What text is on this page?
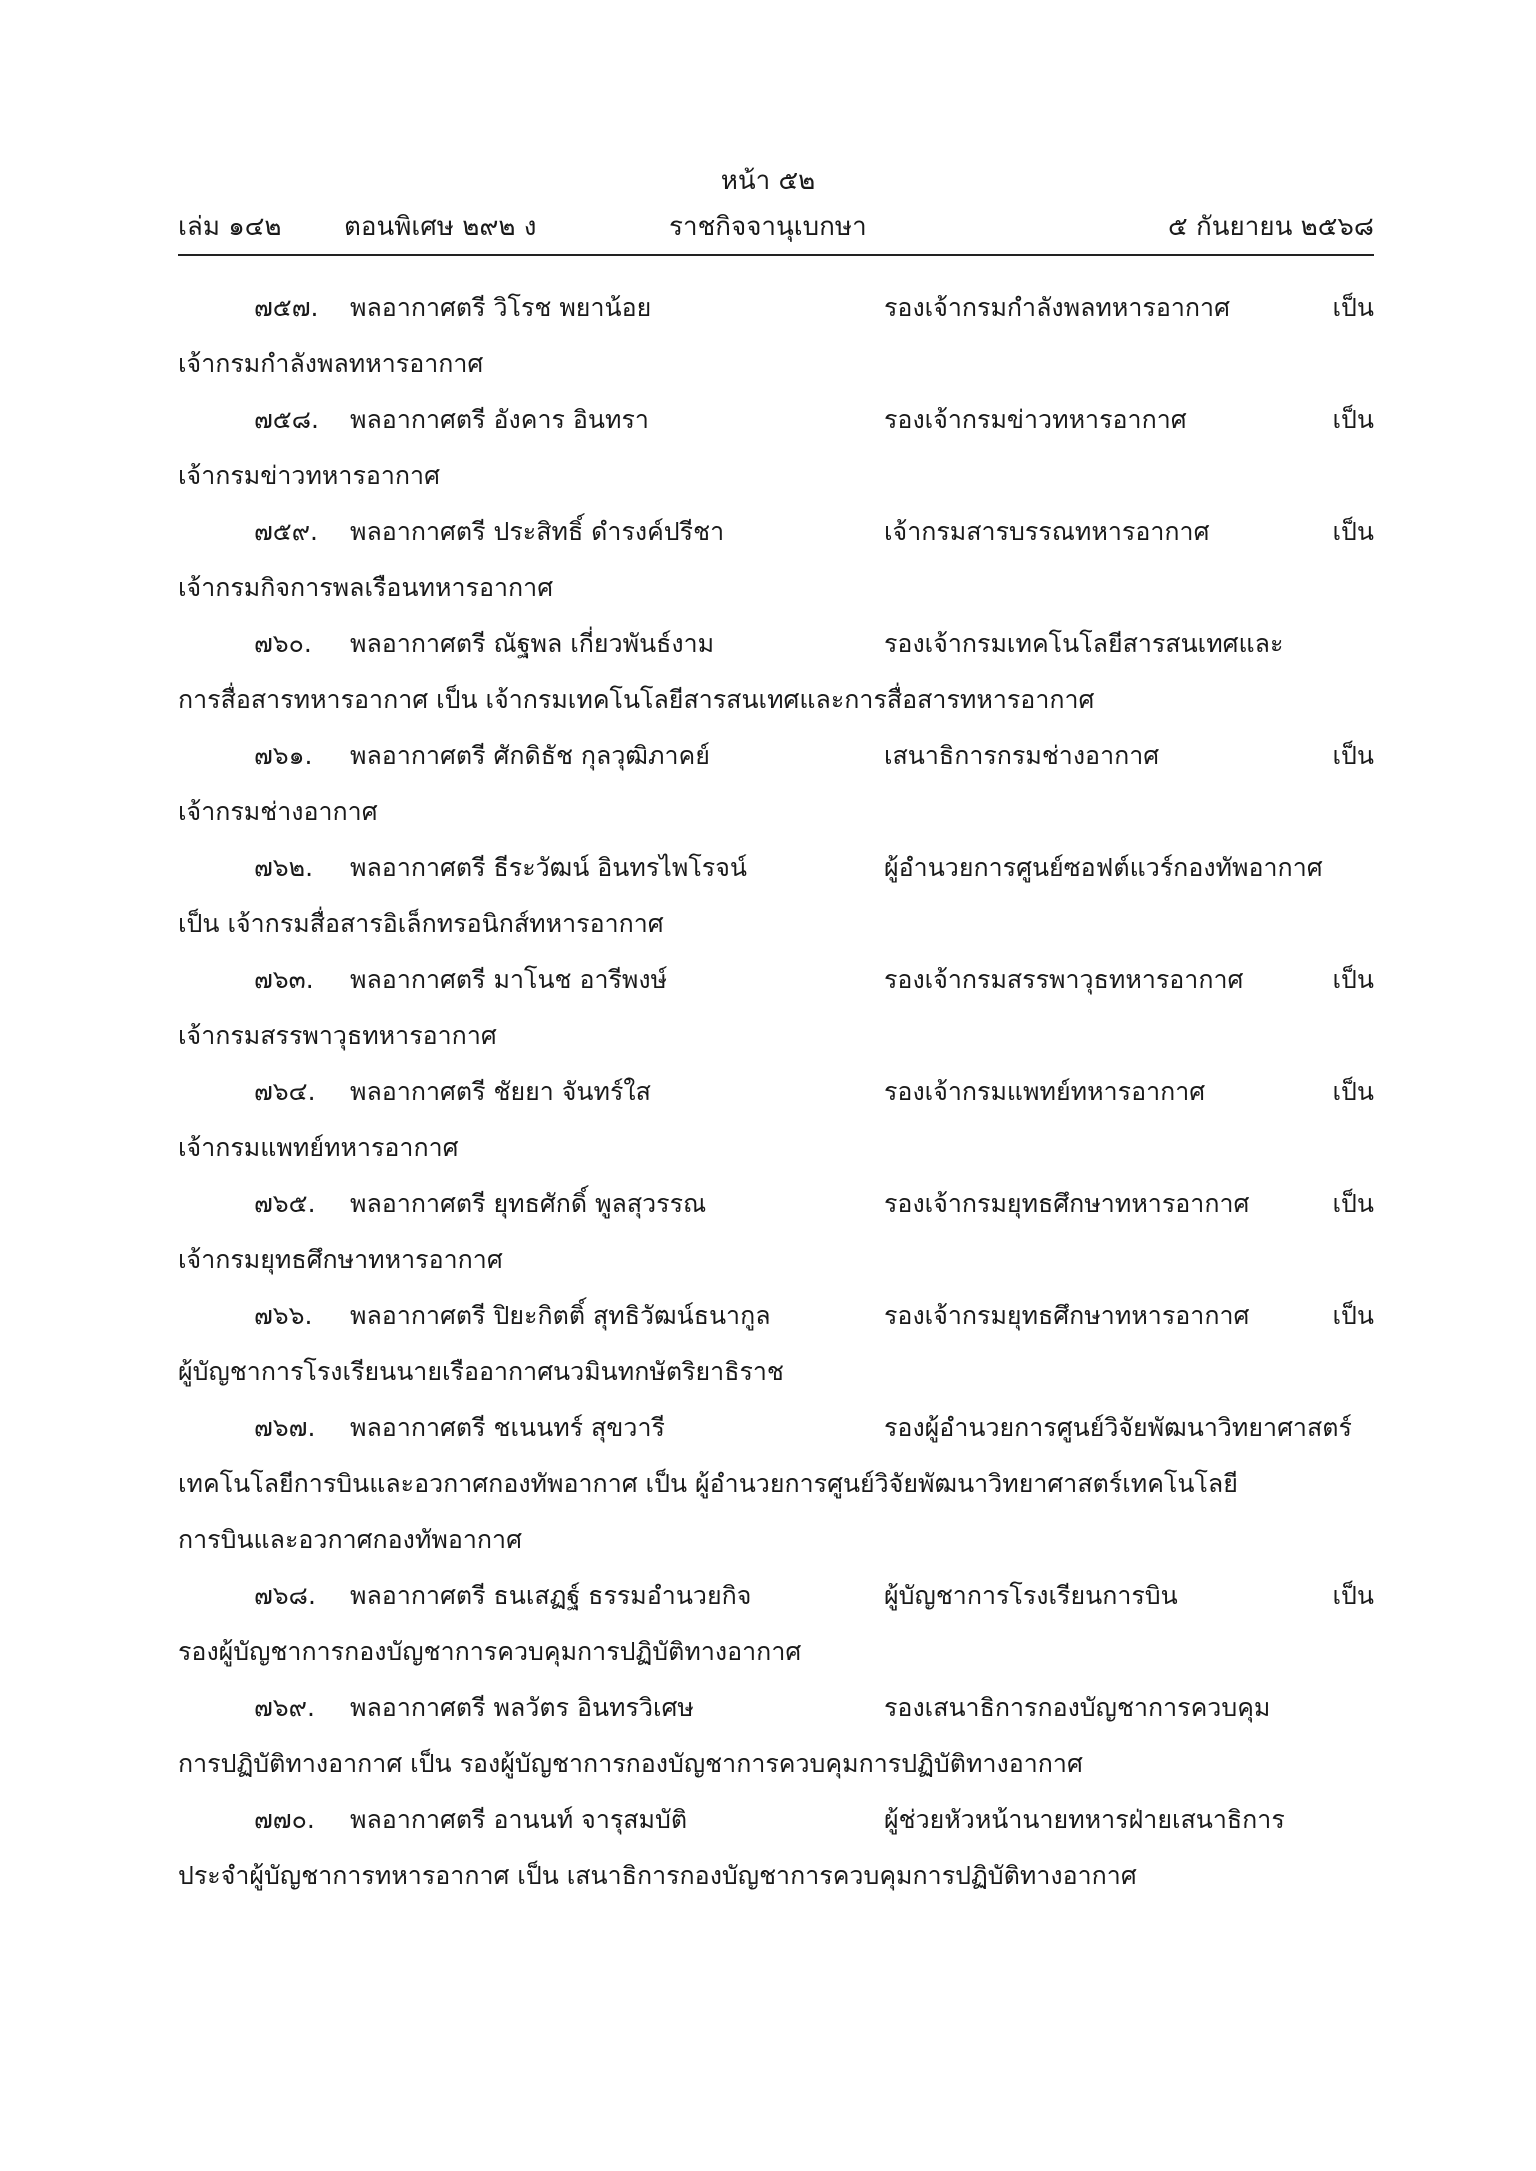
หน้า ๕๒
เล่ม ๑๔๒ ตอนพิเศษ ๒๙๒ ง	ราชกิจจานุเบกษา	๕ กันยายน ๒๕๖๘
๗๕๗. พลอากาศตรี วิโรช พยาน้อย	รองเจ้ากรมกำลังพลทหารอากาศ เป็น
เจ้ากรมกำลังพลทหารอากาศ
๗๕๘. พลอากาศตรี อังคาร อินทรา	รองเจ้ากรมข่าวทหารอากาศ เป็น
เจ้ากรมข่าวทหารอากาศ
๗๕๙. พลอากาศตรี ประสิทธิ์ ดำรงค์ปรีชา	เจ้ากรมสารบรรณทหารอากาศ เป็น
เจ้ากรมกิจการพลเรือนทหารอากาศ
๗๖๐. พลอากาศตรี ณัฐพล เกี่ยวพันธ์งาม	รองเจ้ากรมเทคโนโลยีสารสนเทศและ
การสื่อสารทหารอากาศ เป็น เจ้ากรมเทคโนโลยีสารสนเทศและการสื่อสารทหารอากาศ
๗๖๑. พลอากาศตรี ศักดิธัช กุลวุฒิภาคย์	เสนาธิการกรมช่างอากาศ เป็น
เจ้ากรมช่างอากาศ
๗๖๒. พลอากาศตรี ธีระวัฒน์ อินทรไพโรจน์	ผู้อำนวยการศูนย์ซอฟต์แวร์กองทัพอากาศ
เป็น เจ้ากรมสื่อสารอิเล็กทรอนิกส์ทหารอากาศ
๗๖๓. พลอากาศตรี มาโนช อารีพงษ์	รองเจ้ากรมสรรพาวุธทหารอากาศ เป็น
เจ้ากรมสรรพาวุธทหารอากาศ
๗๖๔. พลอากาศตรี ชัยยา จันทร์ใส	รองเจ้ากรมแพทย์ทหารอากาศ เป็น
เจ้ากรมแพทย์ทหารอากาศ
๗๖๕. พลอากาศตรี ยุทธศักดิ์ พูลสุวรรณ	รองเจ้ากรมยุทธศึกษาทหารอากาศ เป็น
เจ้ากรมยุทธศึกษาทหารอากาศ
๗๖๖. พลอากาศตรี ปิยะกิตติ์ สุทธิวัฒน์ธนากูล	รองเจ้ากรมยุทธศึกษาทหารอากาศ เป็น
ผู้บัญชาการโรงเรียนนายเรืออากาศนวมินทกษัตริยาธิราช
๗๖๗. พลอากาศตรี ชเนนทร์ สุขวารี	รองผู้อำนวยการศูนย์วิจัยพัฒนาวิทยาศาสตร์
เทคโนโลยีการบินและอวกาศกองทัพอากาศ เป็น ผู้อำนวยการศูนย์วิจัยพัฒนาวิทยาศาสตร์เทคโนโลยี
การบินและอวกาศกองทัพอากาศ
๗๖๘. พลอากาศตรี ธนเสฏฐ์ ธรรมอำนวยกิจ	ผู้บัญชาการโรงเรียนการบิน เป็น
รองผู้บัญชาการกองบัญชาการควบคุมการปฏิบัติทางอากาศ
๗๖๙. พลอากาศตรี พลวัตร อินทรวิเศษ	รองเสนาธิการกองบัญชาการควบคุม
การปฏิบัติทางอากาศ เป็น รองผู้บัญชาการกองบัญชาการควบคุมการปฏิบัติทางอากาศ
๗๗๐. พลอากาศตรี อานนท์ จารุสมบัติ	ผู้ช่วยหัวหน้านายทหารฝ่ายเสนาธิการ
ประจำผู้บัญชาการทหารอากาศ เป็น เสนาธิการกองบัญชาการควบคุมการปฏิบัติทางอากาศ
